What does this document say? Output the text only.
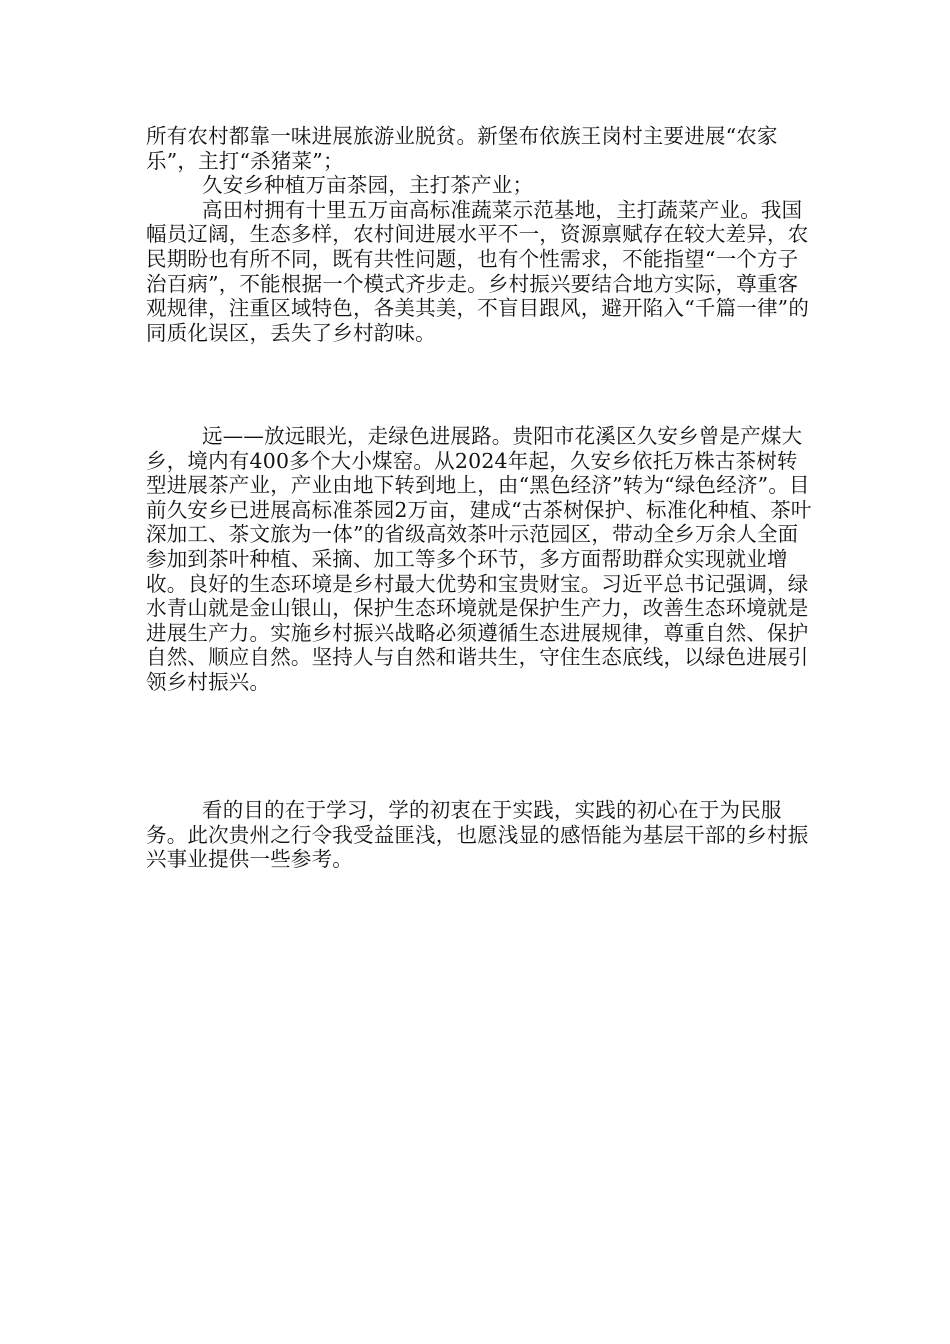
所有农村都靠一味进展旅游业脱贫。新堡布依族王岗村主要进展“农家乐”，主打“杀猪菜”；

久安乡种植万亩茶园，主打茶产业；

高田村拥有十里五万亩高标准蔬菜示范基地，主打蔬菜产业。我国幅员辽阔，生态多样，农村间进展水平不一，资源禀赋存在较大差异，农民期盼也有所不同，既有共性问题，也有个性需求，不能指望“一个方子治百病”，不能根据一个模式齐步走。乡村振兴要结合地方实际，尊重客观规律，注重区域特色，各美其美，不盲目跟风，避开陷入“千篇一律”的同质化误区，丢失了乡村韵味。

远——放远眼光，走绿色进展路。贵阳市花溪区久安乡曾是产煤大乡，境内有400多个大小煤窑。从2024年起，久安乡依托万株古茶树转型进展茶产业，产业由地下转到地上，由“黑色经济”转为“绿色经济”。目前久安乡已进展高标准茶园2万亩，建成“古茶树保护、标准化种植、茶叶深加工、茶文旅为一体”的省级高效茶叶示范园区，带动全乡万余人全面参加到茶叶种植、采摘、加工等多个环节，多方面帮助群众实现就业增收。良好的生态环境是乡村最大优势和宝贵财宝。习近平总书记强调，绿水青山就是金山银山，保护生态环境就是保护生产力，改善生态环境就是进展生产力。实施乡村振兴战略必须遵循生态进展规律，尊重自然、保护自然、顺应自然。坚持人与自然和谐共生，守住生态底线，以绿色进展引领乡村振兴。

看的目的在于学习，学的初衷在于实践，实践的初心在于为民服务。此次贵州之行令我受益匪浅，也愿浅显的感悟能为基层干部的乡村振兴事业提供一些参考。
